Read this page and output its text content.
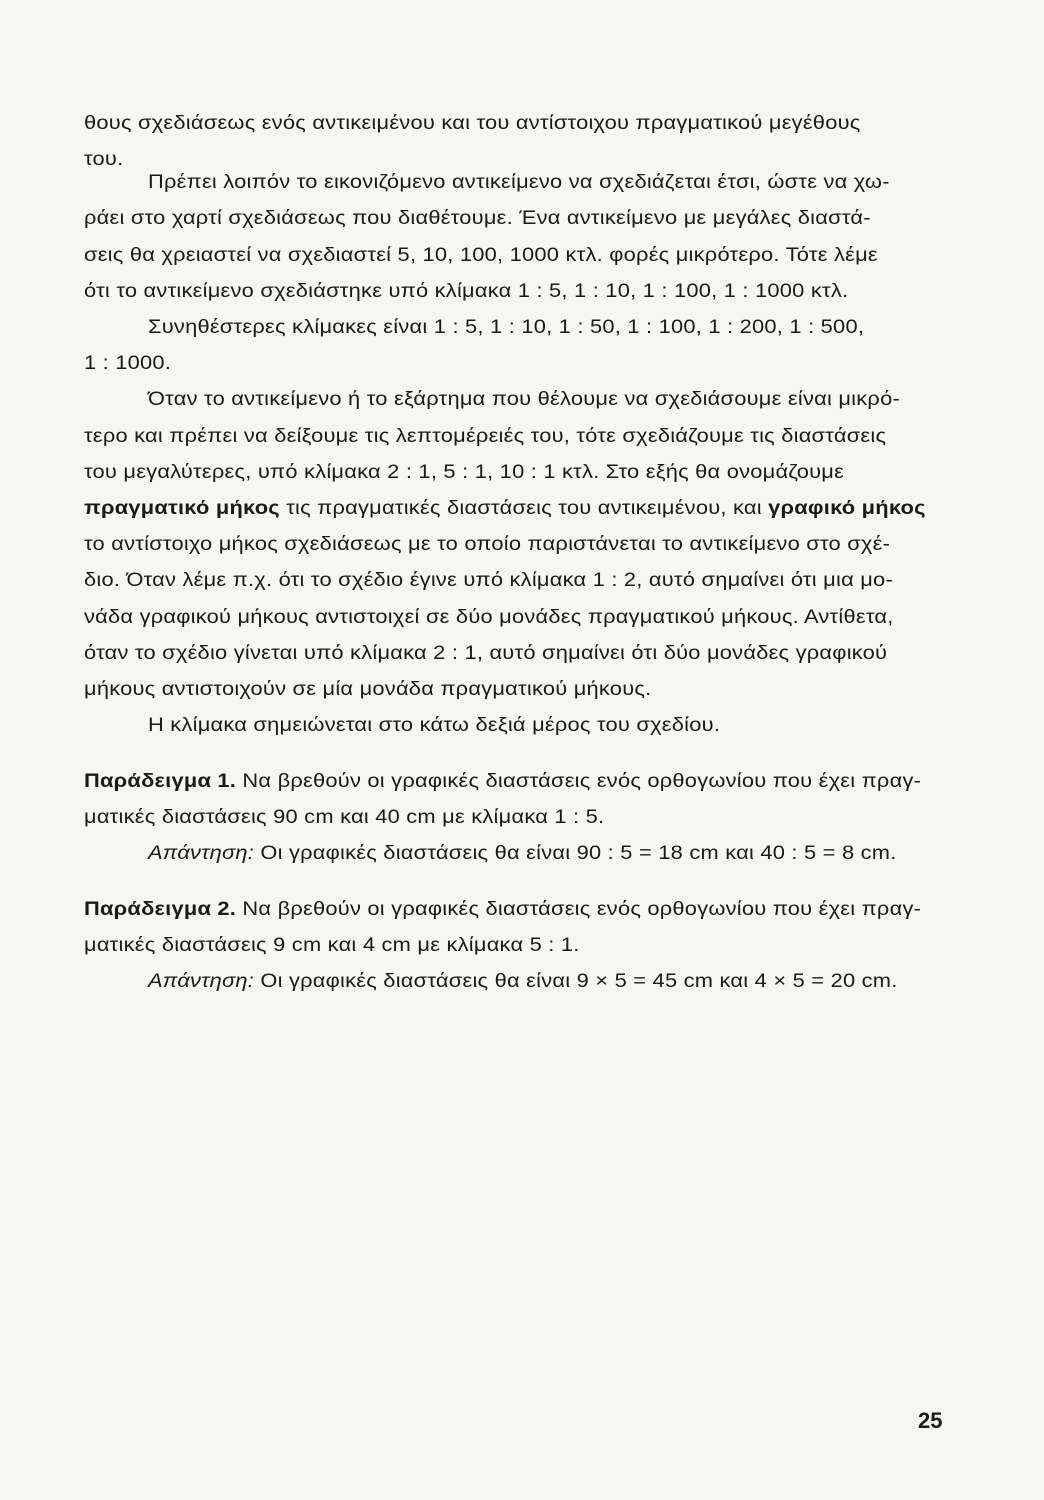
θους σχεδιάσεως ενός αντικειμένου και του αντίστοιχου πραγματικού μεγέθους
του.
Πρέπει λοιπόν το εικονιζόμενο αντικείμενο να σχεδιάζεται έτσι, ώστε να χω-
ράει στο χαρτί σχεδιάσεως που διαθέτουμε. Ένα αντικείμενο με μεγάλες διαστά-
σεις θα χρειαστεί να σχεδιαστεί 5, 10, 100, 1000 κτλ. φορές μικρότερο. Τότε λέμε
ότι το αντικείμενο σχεδιάστηκε υπό κλίμακα 1 : 5, 1 : 10, 1 : 100, 1 : 1000 κτλ.
Συνηθέστερες κλίμακες είναι 1 : 5, 1 : 10, 1 : 50, 1 : 100, 1 : 200, 1 : 500,
1 : 1000.
Όταν το αντικείμενο ή το εξάρτημα που θέλουμε να σχεδιάσουμε είναι μικρό-
τερο και πρέπει να δείξουμε τις λεπτομέρειές του, τότε σχεδιάζουμε τις διαστάσεις
του μεγαλύτερες, υπό κλίμακα 2 : 1, 5 : 1, 10 : 1 κτλ. Στο εξής θα ονομάζουμε
πραγματικό μήκος τις πραγματικές διαστάσεις του αντικειμένου, και γραφικό μήκος
το αντίστοιχο μήκος σχεδιάσεως με το οποίο παριστάνεται το αντικείμενο στο σχέ-
διο. Όταν λέμε π.χ. ότι το σχέδιο έγινε υπό κλίμακα 1 : 2, αυτό σημαίνει ότι μια μο-
νάδα γραφικού μήκους αντιστοιχεί σε δύο μονάδες πραγματικού μήκους. Αντίθετα,
όταν το σχέδιο γίνεται υπό κλίμακα 2 : 1, αυτό σημαίνει ότι δύο μονάδες γραφικού
μήκους αντιστοιχούν σε μία μονάδα πραγματικού μήκους.
Η κλίμακα σημειώνεται στο κάτω δεξιά μέρος του σχεδίου.
Παράδειγμα 1. Να βρεθούν οι γραφικές διαστάσεις ενός ορθογωνίου που έχει πραγ-
ματικές διαστάσεις 90 cm και 40 cm με κλίμακα 1 : 5.
Απάντηση: Οι γραφικές διαστάσεις θα είναι 90 : 5 = 18 cm και 40 : 5 = 8 cm.
Παράδειγμα 2. Να βρεθούν οι γραφικές διαστάσεις ενός ορθογωνίου που έχει πραγ-
ματικές διαστάσεις 9 cm και 4 cm με κλίμακα 5 : 1.
Απάντηση: Οι γραφικές διαστάσεις θα είναι 9 × 5 = 45 cm και 4 × 5 = 20 cm.
25
